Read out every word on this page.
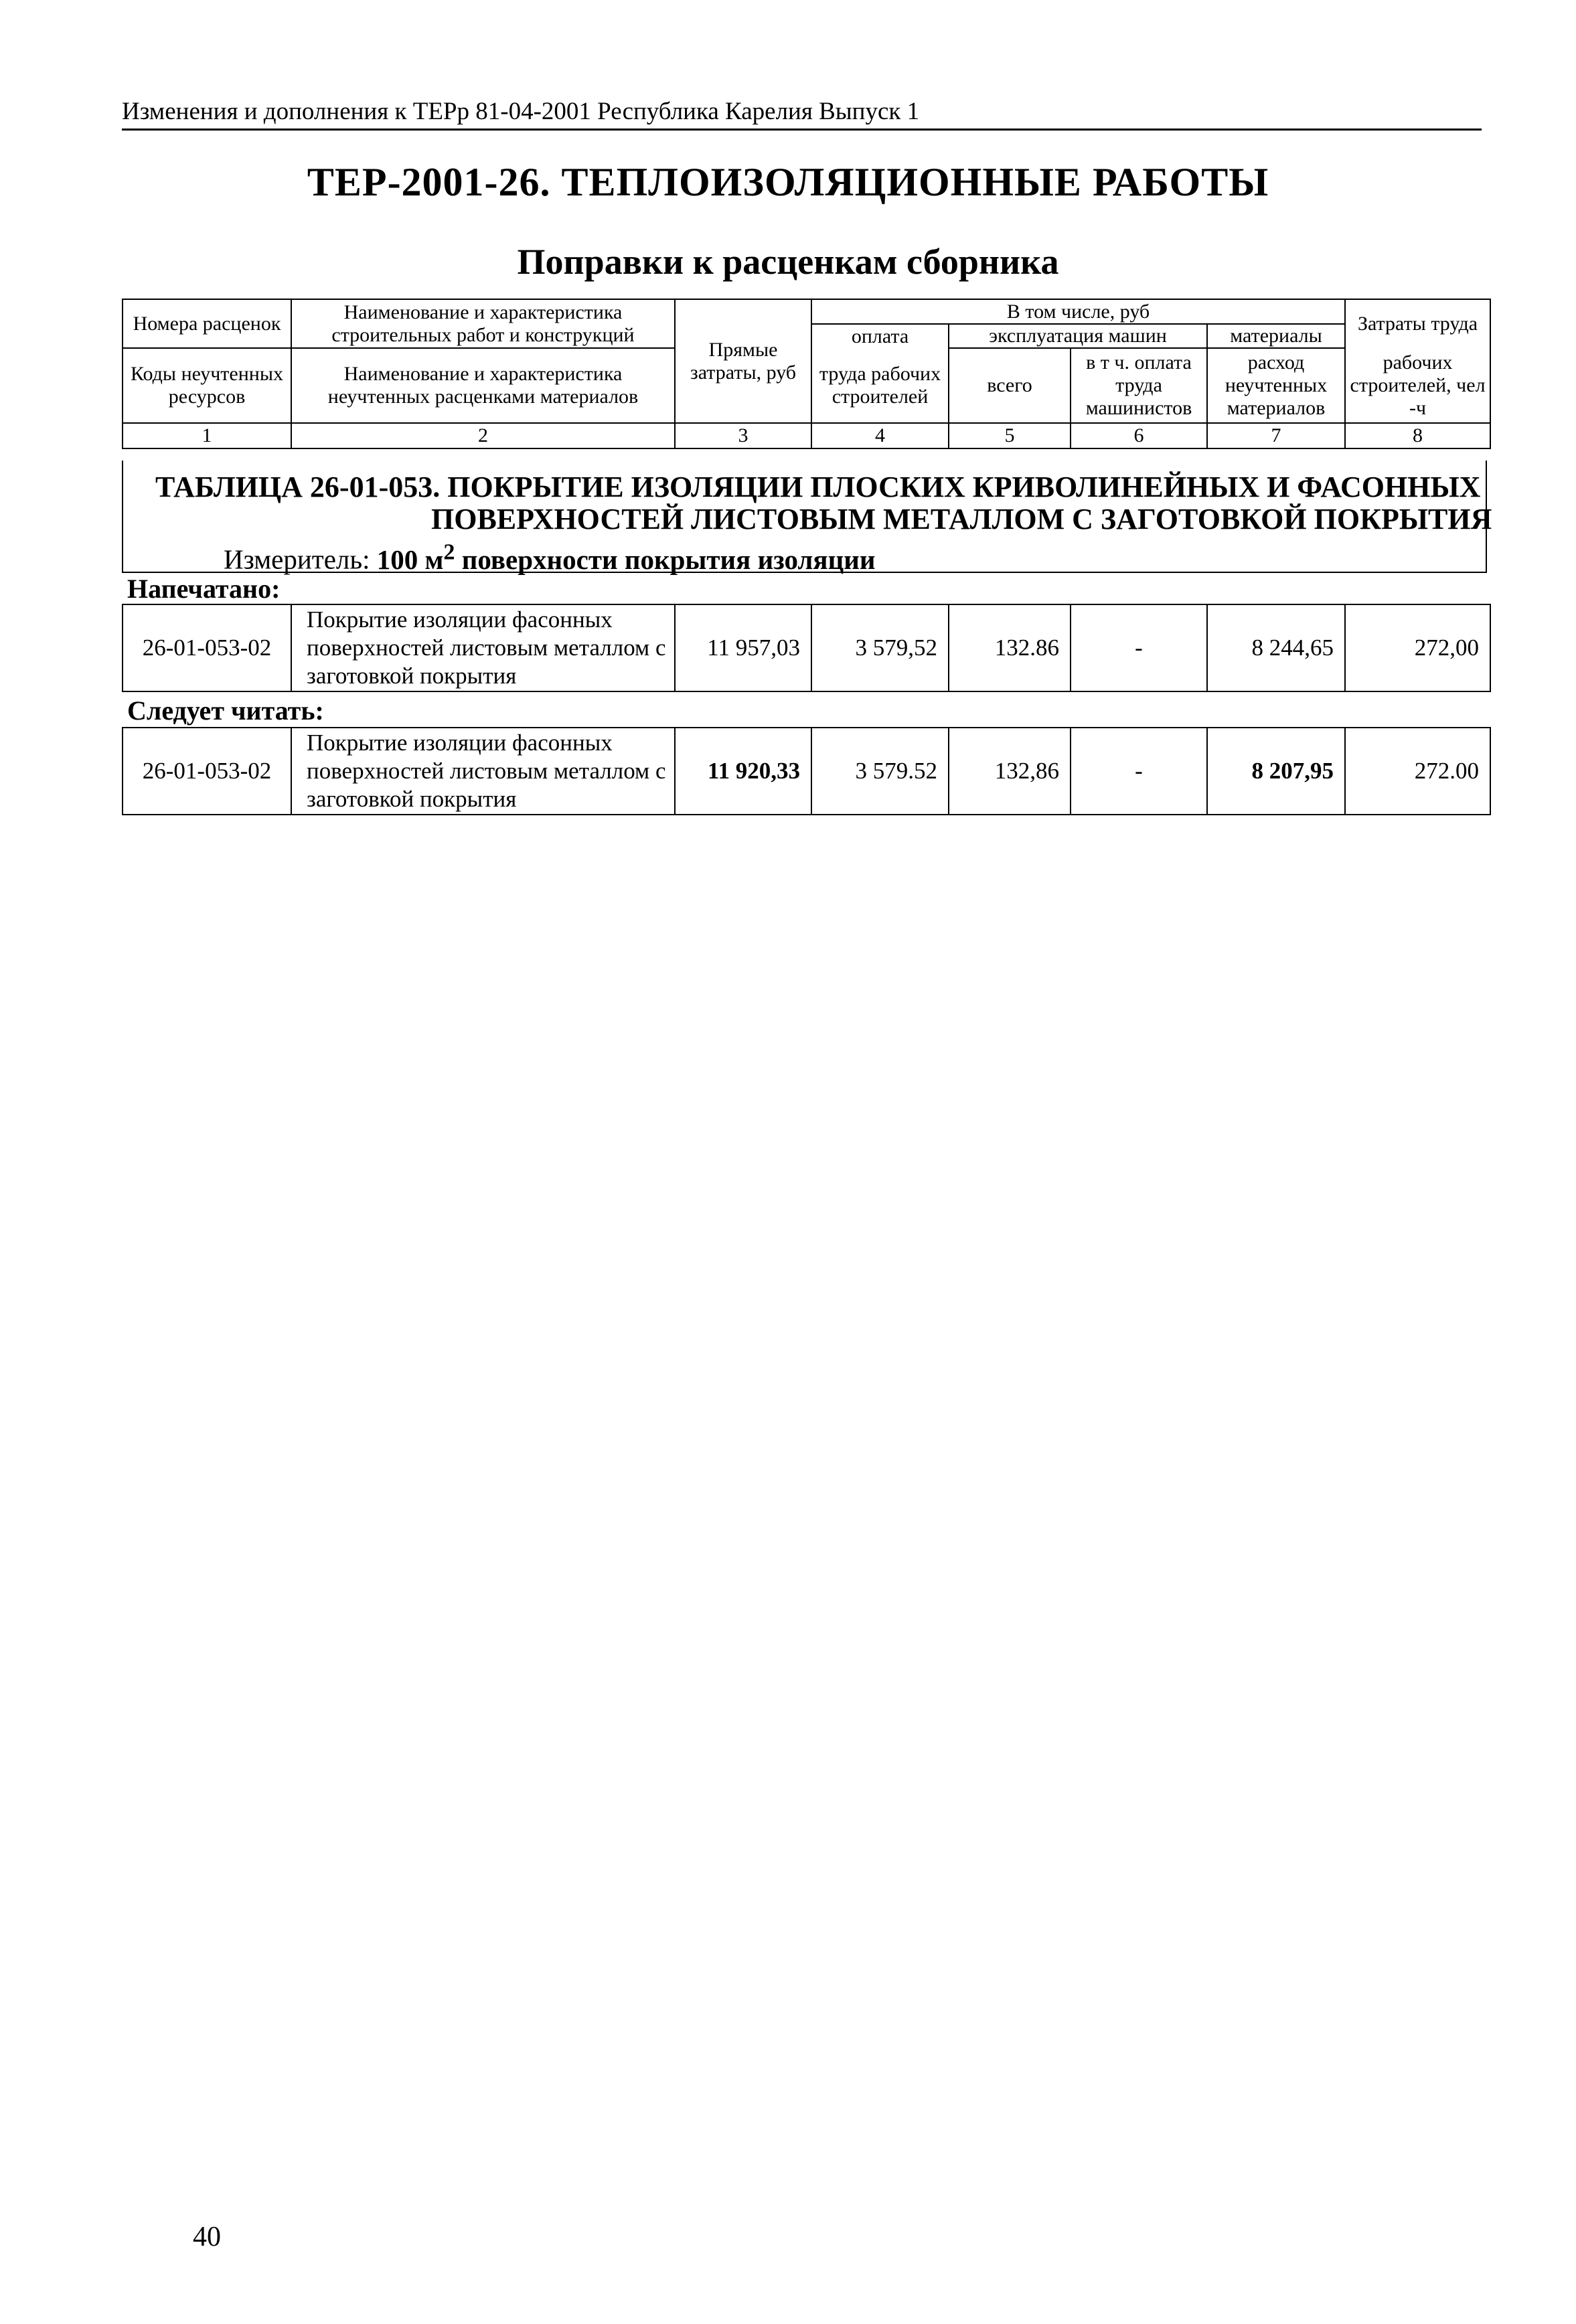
Изменения и дополнения к ТЕРр 81-04-2001 Республика Карелия Выпуск 1
ТЕР-2001-26. ТЕПЛОИЗОЛЯЦИОННЫЕ РАБОТЫ
Поправки к расценкам сборника
Номера расценок	Наименование и характеристика строительных работ и конструкций	Прямые затраты, руб	В том числе, руб				Затраты труда
			оплата	эксплуатация машин		материалы	
Коды неучтенных ресурсов	Наименование и характеристика неучтенных расценками материалов		труда рабочих строителей	всего	в т ч. оплата труда машинистов	расход неучтенных материалов	рабочих строителей, чел -ч

1	2	3	4	5	6	7	8
ТАБЛИЦА 26-01-053. ПОКРЫТИЕ ИЗОЛЯЦИИ ПЛОСКИХ КРИВОЛИНЕЙНЫХ И ФАСОННЫХ
ПОВЕРХНОСТЕЙ ЛИСТОВЫМ МЕТАЛЛОМ С ЗАГОТОВКОЙ ПОКРЫТИЯ
Измеритель: 100 $м^2$ поверхности покрытия изоляции
Напечатано:
26-01-053-02	Покрытие изоляции фасонных поверхностей листовым металлом с заготовкой покрытия	11 957,03	3 579,52	132.86	-	8 244,65	272,00
Следует читать:
26-01-053-02	Покрытие изоляции фасонных поверхностей листовым металлом с заготовкой покрытия	11 920,33	3 579.52	132,86	-	8 207,95	272.00
40
